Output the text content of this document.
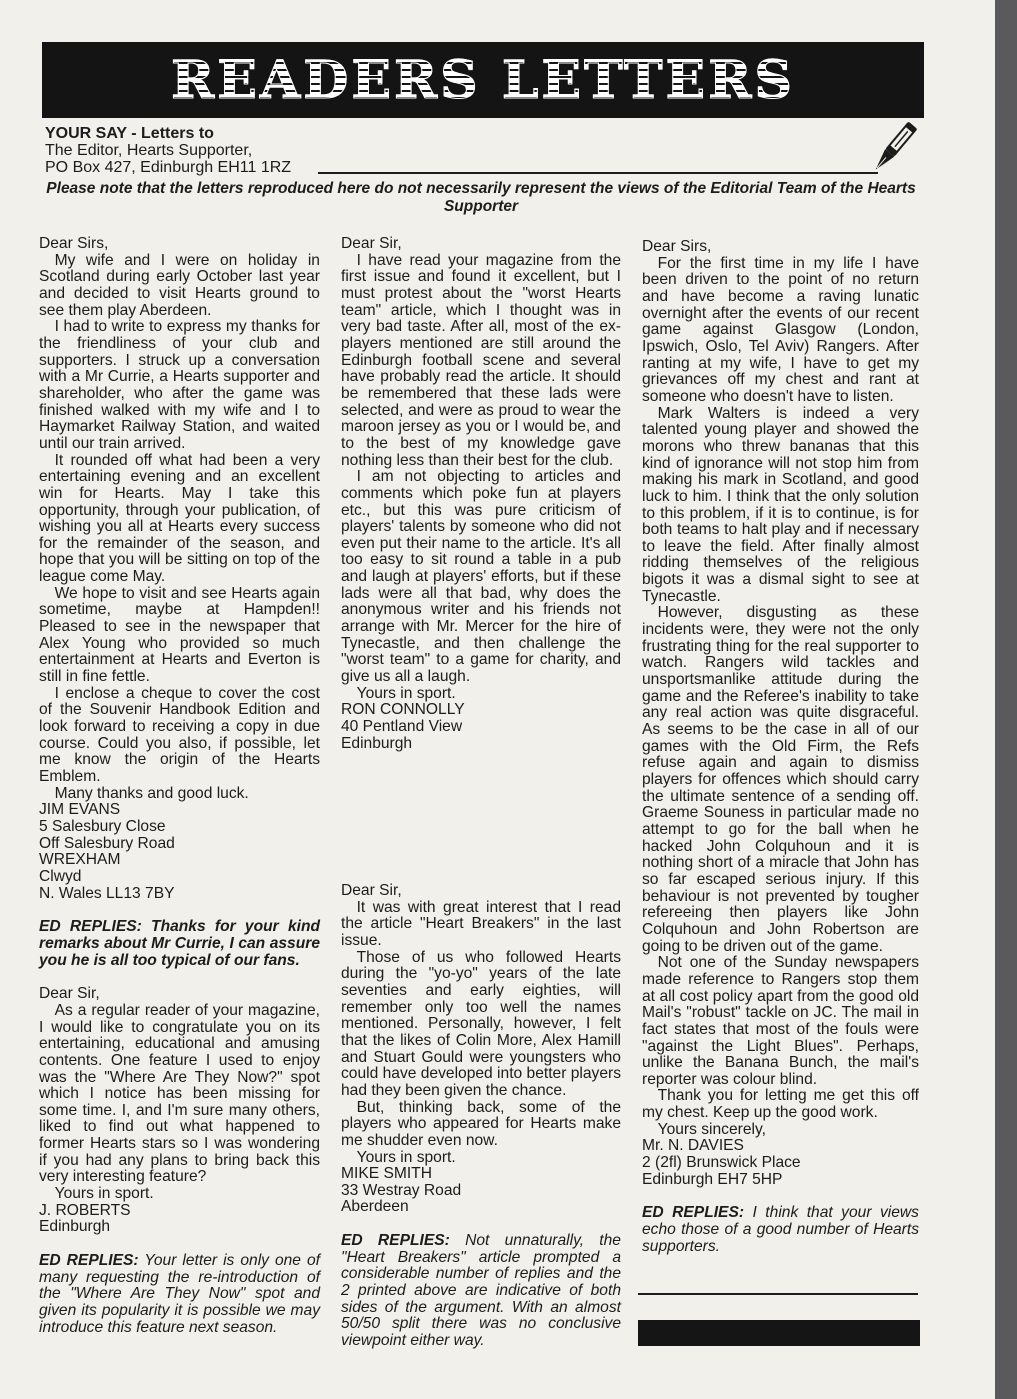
READERS LETTERS
YOUR SAY - Letters to
The Editor, Hearts Supporter,
PO Box 427, Edinburgh EH11 1RZ
Please note that the letters reproduced here do not necessarily represent the views of the Editorial Team of the Hearts Supporter

Dear Sirs,

My wife and I were on holiday in Scotland during early October last year and decided to visit Hearts ground to see them play Aberdeen.

I had to write to express my thanks for the friendliness of your club and supporters. I struck up a conversation with a Mr Currie, a Hearts supporter and shareholder, who after the game was finished walked with my wife and I to Haymarket Railway Station, and waited until our train arrived.

It rounded off what had been a very entertaining evening and an excellent win for Hearts. May I take this opportunity, through your publication, of wishing you all at Hearts every success for the remainder of the season, and hope that you will be sitting on top of the league come May.

We hope to visit and see Hearts again sometime, maybe at Hampden!! Pleased to see in the newspaper that Alex Young who provided so much entertainment at Hearts and Everton is still in fine fettle.

I enclose a cheque to cover the cost of the Souvenir Handbook Edition and look forward to receiving a copy in due course. Could you also, if possible, let me know the origin of the Hearts Emblem.

Many thanks and good luck.

JIM EVANS

5 Salesbury Close

Off Salesbury Road

WREXHAM

Clwyd

N. Wales LL13 7BY

ED REPLIES: Thanks for your kind remarks about Mr Currie, I can assure you he is all too typical of our fans.

Dear Sir,

As a regular reader of your magazine, I would like to congratulate you on its entertaining, educational and amusing contents. One feature I used to enjoy was the "Where Are They Now?" spot which I notice has been missing for some time. I, and I'm sure many others, liked to find out what happened to former Hearts stars so I was wondering if you had any plans to bring back this very interesting feature?

Yours in sport.

J. ROBERTS

Edinburgh

ED REPLIES: Your letter is only one of many requesting the re-introduction of the "Where Are They Now" spot and given its popularity it is possible we may introduce this feature next season.

Dear Sir,

I have read your magazine from the first issue and found it excellent, but I must protest about the "worst Hearts team" article, which I thought was in very bad taste. After all, most of the ex-players mentioned are still around the Edinburgh football scene and several have probably read the article. It should be remembered that these lads were selected, and were as proud to wear the maroon jersey as you or I would be, and to the best of my knowledge gave nothing less than their best for the club.

I am not objecting to articles and comments which poke fun at players etc., but this was pure criticism of players' talents by someone who did not even put their name to the article. It's all too easy to sit round a table in a pub and laugh at players' efforts, but if these lads were all that bad, why does the anonymous writer and his friends not arrange with Mr. Mercer for the hire of Tynecastle, and then challenge the "worst team" to a game for charity, and give us all a laugh.

Yours in sport.

RON CONNOLLY

40 Pentland View

Edinburgh

Dear Sir,

It was with great interest that I read the article "Heart Breakers" in the last issue.

Those of us who followed Hearts during the "yo-yo" years of the late seventies and early eighties, will remember only too well the names mentioned. Personally, however, I felt that the likes of Colin More, Alex Hamill and Stuart Gould were youngsters who could have developed into better players had they been given the chance.

But, thinking back, some of the players who appeared for Hearts make me shudder even now.

Yours in sport.

MIKE SMITH

33 Westray Road

Aberdeen

ED REPLIES: Not unnaturally, the "Heart Breakers" article prompted a considerable number of replies and the 2 printed above are indicative of both sides of the argument. With an almost 50/50 split there was no conclusive viewpoint either way.

Dear Sirs,

For the first time in my life I have been driven to the point of no return and have become a raving lunatic overnight after the events of our recent game against Glasgow (London, Ipswich, Oslo, Tel Aviv) Rangers. After ranting at my wife, I have to get my grievances off my chest and rant at someone who doesn't have to listen.

Mark Walters is indeed a very talented young player and showed the morons who threw bananas that this kind of ignorance will not stop him from making his mark in Scotland, and good luck to him. I think that the only solution to this problem, if it is to continue, is for both teams to halt play and if necessary to leave the field. After finally almost ridding themselves of the religious bigots it was a dismal sight to see at Tynecastle.

However, disgusting as these incidents were, they were not the only frustrating thing for the real supporter to watch. Rangers wild tackles and unsportsmanlike attitude during the game and the Referee's inability to take any real action was quite disgraceful. As seems to be the case in all of our games with the Old Firm, the Refs refuse again and again to dismiss players for offences which should carry the ultimate sentence of a sending off. Graeme Souness in particular made no attempt to go for the ball when he hacked John Colquhoun and it is nothing short of a miracle that John has so far escaped serious injury. If this behaviour is not prevented by tougher refereeing then players like John Colquhoun and John Robertson are going to be driven out of the game.

Not one of the Sunday newspapers made reference to Rangers stop them at all cost policy apart from the good old Mail's "robust" tackle on JC. The mail in fact states that most of the fouls were "against the Light Blues". Perhaps, unlike the Banana Bunch, the mail's reporter was colour blind.

Thank you for letting me get this off my chest. Keep up the good work.

Yours sincerely,

Mr. N. DAVIES

2 (2fl) Brunswick Place

Edinburgh EH7 5HP

ED REPLIES: I think that your views echo those of a good number of Hearts supporters.
